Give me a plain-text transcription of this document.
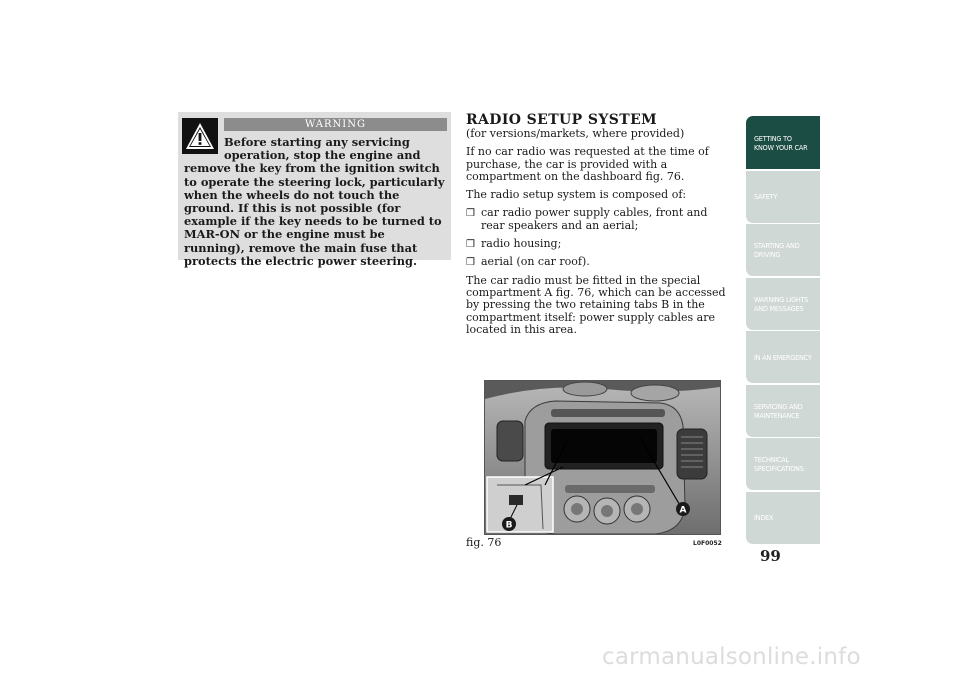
WARNING
Before starting any servicing operation, stop the engine and remove the key from the ignition switch to operate the steering lock, particularly when the wheels do not touch the ground. If this is not possible (for example if the key needs to be turned to MAR-ON or the engine must be running), remove the main fuse that protects the electric power steering.
RADIO SETUP SYSTEM

(for versions/markets, where provided)

If no car radio was requested at the time of purchase, the car is provided with a compartment on the dashboard fig. 76.

The radio setup system is composed of:

❒ car radio power supply cables, front and rear speakers and an aerial;
❒ radio housing;
❒ aerial (on car roof).

The car radio must be fitted in the special compartment A fig. 76, which can be accessed by pressing the two retaining tabs B in the compartment itself: power supply cables are located in this area.

A
B
fig. 76	L0F0052
GETTING TO
KNOW YOUR CAR
SAFETY
STARTING AND
DRIVING
WARNING LIGHTS
AND MESSAGES
IN AN EMERGENCY
SERVICING AND
MAINTENANCE
TECHNICAL
SPECIFICATIONS
INDEX
99
carmanualsonline.info
